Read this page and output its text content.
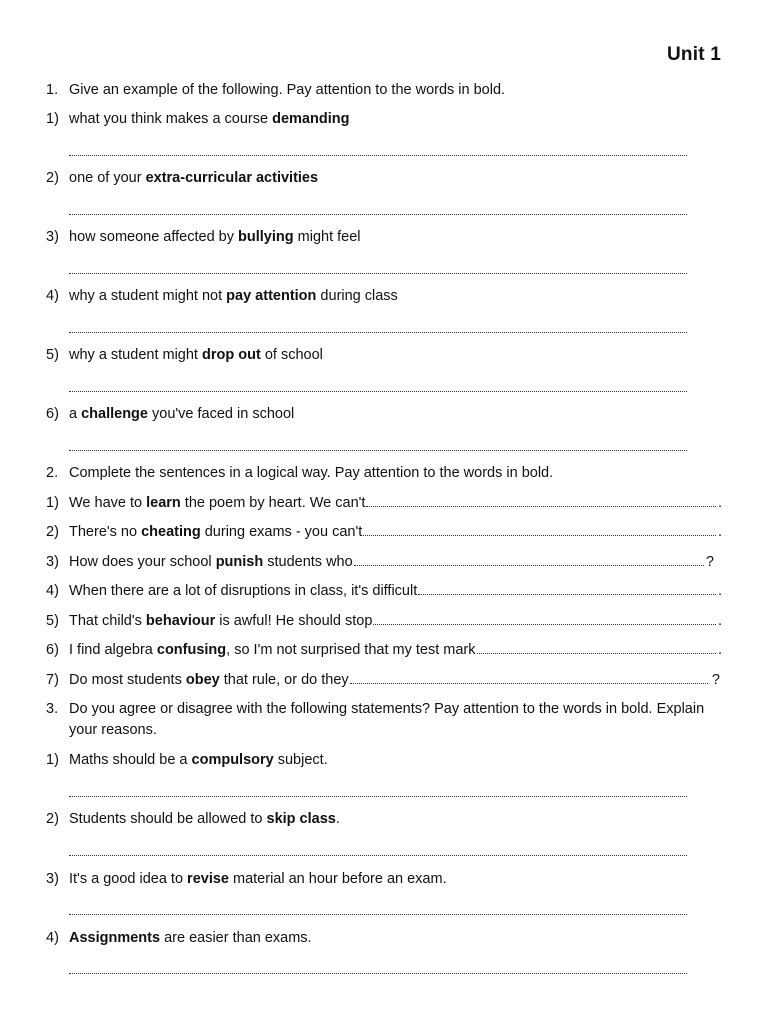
Unit 1
1. Give an example of the following. Pay attention to the words in bold.
1) what you think makes a course demanding
2) one of your extra-curricular activities
3) how someone affected by bullying might feel
4) why a student might not pay attention during class
5) why a student might drop out of school
6) a challenge you've faced in school
2. Complete the sentences in a logical way. Pay attention to the words in bold.
1) We have to learn the poem by heart. We can't	.
2) There's no cheating during exams - you can't	.
3) How does your school punish students who	?
4) When there are a lot of disruptions in class, it's difficult	.
5) That child's behaviour is awful! He should stop	.
6) I find algebra confusing , so I'm not surprised that my test mark	.
7) Do most students obey that rule, or do they	?
3. Do you agree or disagree with the following statements? Pay attention to the words in bold. Explain your reasons.
1) Maths should be a compulsory subject.
2) Students should be allowed to skip class .
3) It's a good idea to revise material an hour before an exam.
4) Assignments are easier than exams.
